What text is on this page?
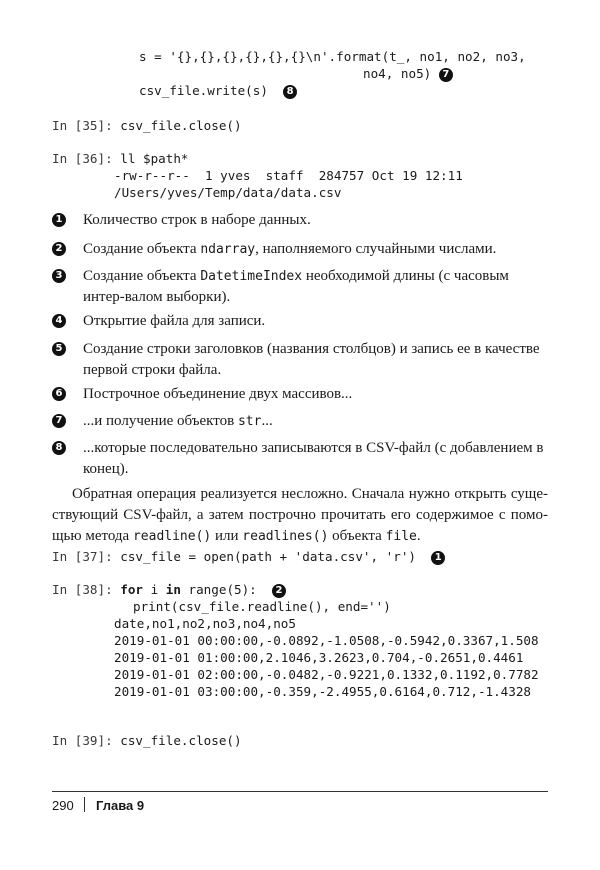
s = '{},{},{},{},{},{}\n'.format(t_, no1, no2, no3,
no4, no5) 7
csv_file.write(s) 8
In [35]: csv_file.close()
In [36]: ll $path*
-rw-r--r--  1 yves  staff  284757 Oct 19 12:11
/Users/yves/Temp/data/data.csv
1 Количество строк в наборе данных.
2 Создание объекта ndarray, наполняемого случайными числами.
3 Создание объекта DatetimeIndex необходимой длины (с часовым интер-валом выборки).
4 Открытие файла для записи.
5 Создание строки заголовков (названия столбцов) и запись ее в качестве первой строки файла.
6 Построчное объединение двух массивов...
7 ...и получение объектов str...
8 ...которые последовательно записываются в CSV-файл (с добавлением в конец).
Обратная операция реализуется несложно. Сначала нужно открыть суще-ствующий CSV-файл, а затем построчно прочитать его содержимое с помо-щью метода readline() или readlines() объекта file.
In [37]: csv_file = open(path + 'data.csv', 'r') 1
In [38]: for i in range(5): 2
print(csv_file.readline(), end='')
date,no1,no2,no3,no4,no5
2019-01-01 00:00:00,-0.0892,-1.0508,-0.5942,0.3367,1.508
2019-01-01 01:00:00,2.1046,3.2623,0.704,-0.2651,0.4461
2019-01-01 02:00:00,-0.0482,-0.9221,0.1332,0.1192,0.7782
2019-01-01 03:00:00,-0.359,-2.4955,0.6164,0.712,-1.4328
In [39]: csv_file.close()
290 Глава 9
